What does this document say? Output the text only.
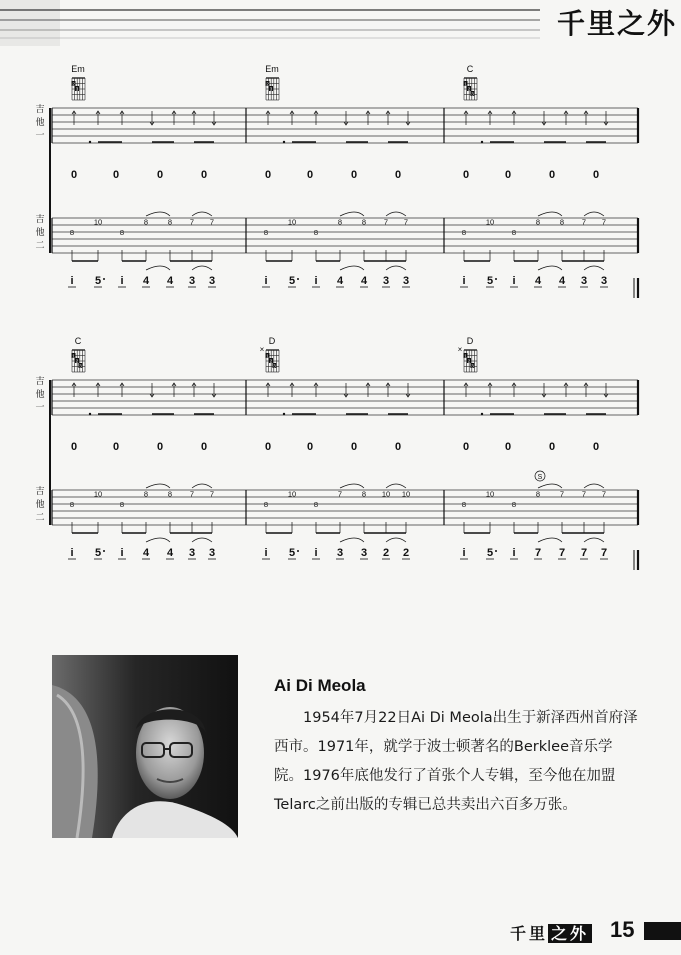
千里之外
吉
他
一
吉
他
二
Em
2
3
0	0	0	0
8
10
8
8	8 7 7
i 5 i 4 4 3 3
Em
2
3
0	0	0	0
8
10
8
8	8 7 7
i 5 i 4 4 3 3
C
1
2
3
0	0	0	0
8
10
8
8	8 7 7
i 5 i 4 4 3 3
吉
他
一
吉
他
二
C
1
2
3
0	0	0	0
8
10
8
8	8 7 7
i 5 i 4 4 3 3
D
×
1
2
3
0	0	0	0
8
10
8
7	8 10 10
i 5 i 3 3 2 2
D
×
1
2
3
0	0	0	0
8
10
8
8	7 7 7
S
i 5 i 7 7 7 7
Ai Di Meola
1954年7月22日Ai Di Meola出生于新泽西州首府泽西市。1971年，就学于波士顿著名的Berklee音乐学院。1976年底他发行了首张个人专辑，至今他在加盟Telarc之前出版的专辑已总共卖出六百多万张。
千里 之外 15
